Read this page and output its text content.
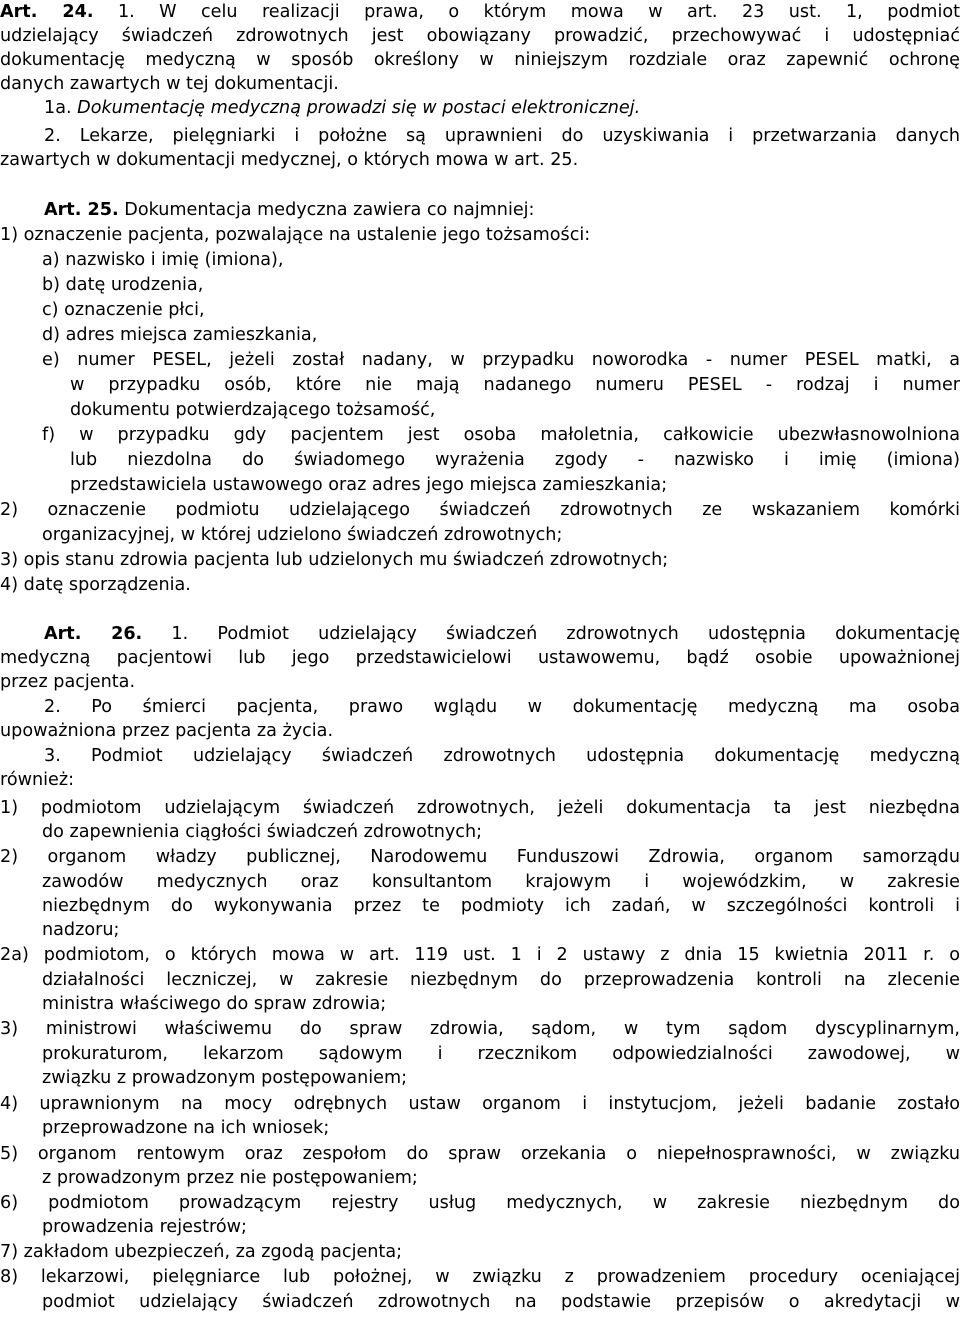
Art. 24. 1. W celu realizacji prawa, o którym mowa w art. 23 ust. 1, podmiot
udzielający świadczeń zdrowotnych jest obowiązany prowadzić, przechowywać i udostępniać
dokumentację medyczną w sposób określony w niniejszym rozdziale oraz zapewnić ochronę
danych zawartych w tej dokumentacji.
1a. Dokumentację medyczną prowadzi się w postaci elektronicznej.
2. Lekarze, pielęgniarki i położne są uprawnieni do uzyskiwania i przetwarzania danych
zawartych w dokumentacji medycznej, o których mowa w art. 25.
Art. 25. Dokumentacja medyczna zawiera co najmniej:
1) oznaczenie pacjenta, pozwalające na ustalenie jego tożsamości:
a) nazwisko i imię (imiona),
b) datę urodzenia,
c) oznaczenie płci,
d) adres miejsca zamieszkania,
e) numer PESEL, jeżeli został nadany, w przypadku noworodka - numer PESEL matki, a
w przypadku osób, które nie mają nadanego numeru PESEL - rodzaj i numer
dokumentu potwierdzającego tożsamość,
f) w przypadku gdy pacjentem jest osoba małoletnia, całkowicie ubezwłasnowolniona
lub niezdolna do świadomego wyrażenia zgody - nazwisko i imię (imiona)
przedstawiciela ustawowego oraz adres jego miejsca zamieszkania;
2) oznaczenie podmiotu udzielającego świadczeń zdrowotnych ze wskazaniem komórki
organizacyjnej, w której udzielono świadczeń zdrowotnych;
3) opis stanu zdrowia pacjenta lub udzielonych mu świadczeń zdrowotnych;
4) datę sporządzenia.
Art. 26. 1. Podmiot udzielający świadczeń zdrowotnych udostępnia dokumentację
medyczną pacjentowi lub jego przedstawicielowi ustawowemu, bądź osobie upoważnionej
przez pacjenta.
2. Po śmierci pacjenta, prawo wglądu w dokumentację medyczną ma osoba
upoważniona przez pacjenta za życia.
3. Podmiot udzielający świadczeń zdrowotnych udostępnia dokumentację medyczną
również:
1) podmiotom udzielającym świadczeń zdrowotnych, jeżeli dokumentacja ta jest niezbędna
do zapewnienia ciągłości świadczeń zdrowotnych;
2) organom władzy publicznej, Narodowemu Funduszowi Zdrowia, organom samorządu
zawodów medycznych oraz konsultantom krajowym i wojewódzkim, w zakresie
niezbędnym do wykonywania przez te podmioty ich zadań, w szczególności kontroli i
nadzoru;
2a) podmiotom, o których mowa w art. 119 ust. 1 i 2 ustawy z dnia 15 kwietnia 2011 r. o
działalności leczniczej, w zakresie niezbędnym do przeprowadzenia kontroli na zlecenie
ministra właściwego do spraw zdrowia;
3) ministrowi właściwemu do spraw zdrowia, sądom, w tym sądom dyscyplinarnym,
prokuraturom, lekarzom sądowym i rzecznikom odpowiedzialności zawodowej, w
związku z prowadzonym postępowaniem;
4) uprawnionym na mocy odrębnych ustaw organom i instytucjom, jeżeli badanie zostało
przeprowadzone na ich wniosek;
5) organom rentowym oraz zespołom do spraw orzekania o niepełnosprawności, w związku
z prowadzonym przez nie postępowaniem;
6) podmiotom prowadzącym rejestry usług medycznych, w zakresie niezbędnym do
prowadzenia rejestrów;
7) zakładom ubezpieczeń, za zgodą pacjenta;
8) lekarzowi, pielęgniarce lub położnej, w związku z prowadzeniem procedury oceniającej
podmiot udzielający świadczeń zdrowotnych na podstawie przepisów o akredytacji w
